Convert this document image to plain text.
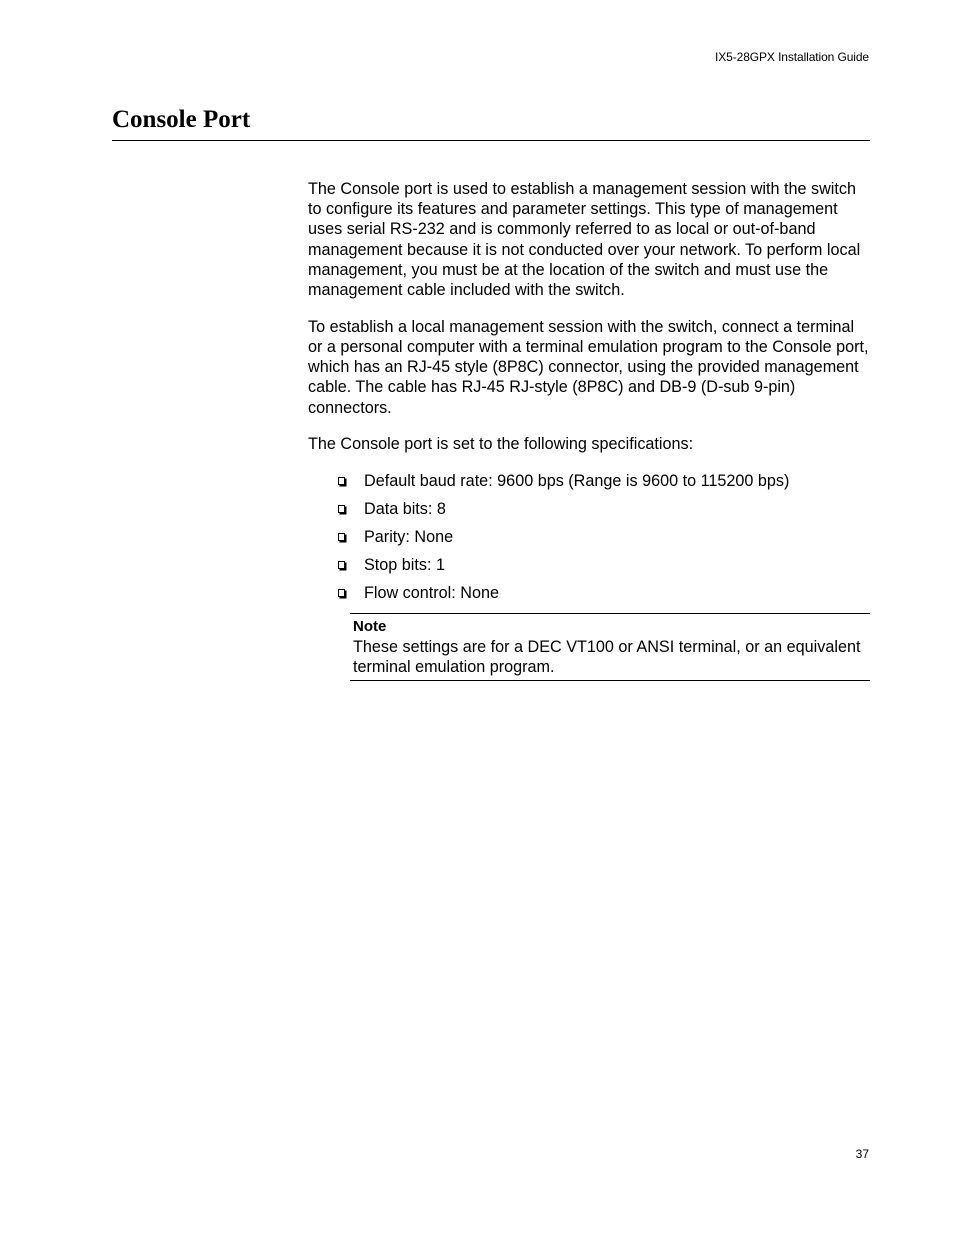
IX5-28GPX Installation Guide
Console Port

The Console port is used to establish a management session with the switch to configure its features and parameter settings. This type of management uses serial RS-232 and is commonly referred to as local or out-of-band management because it is not conducted over your network. To perform local management, you must be at the location of the switch and must use the management cable included with the switch.

To establish a local management session with the switch, connect a terminal or a personal computer with a terminal emulation program to the Console port, which has an RJ-45 style (8P8C) connector, using the provided management cable. The cable has RJ-45 RJ-style (8P8C) and DB-9 (D-sub 9-pin) connectors.

The Console port is set to the following specifications:

Default baud rate: 9600 bps (Range is 9600 to 115200 bps)
Data bits: 8
Parity: None
Stop bits: 1
Flow control: None
Note
These settings are for a DEC VT100 or ANSI terminal, or an equivalent terminal emulation program.
37
